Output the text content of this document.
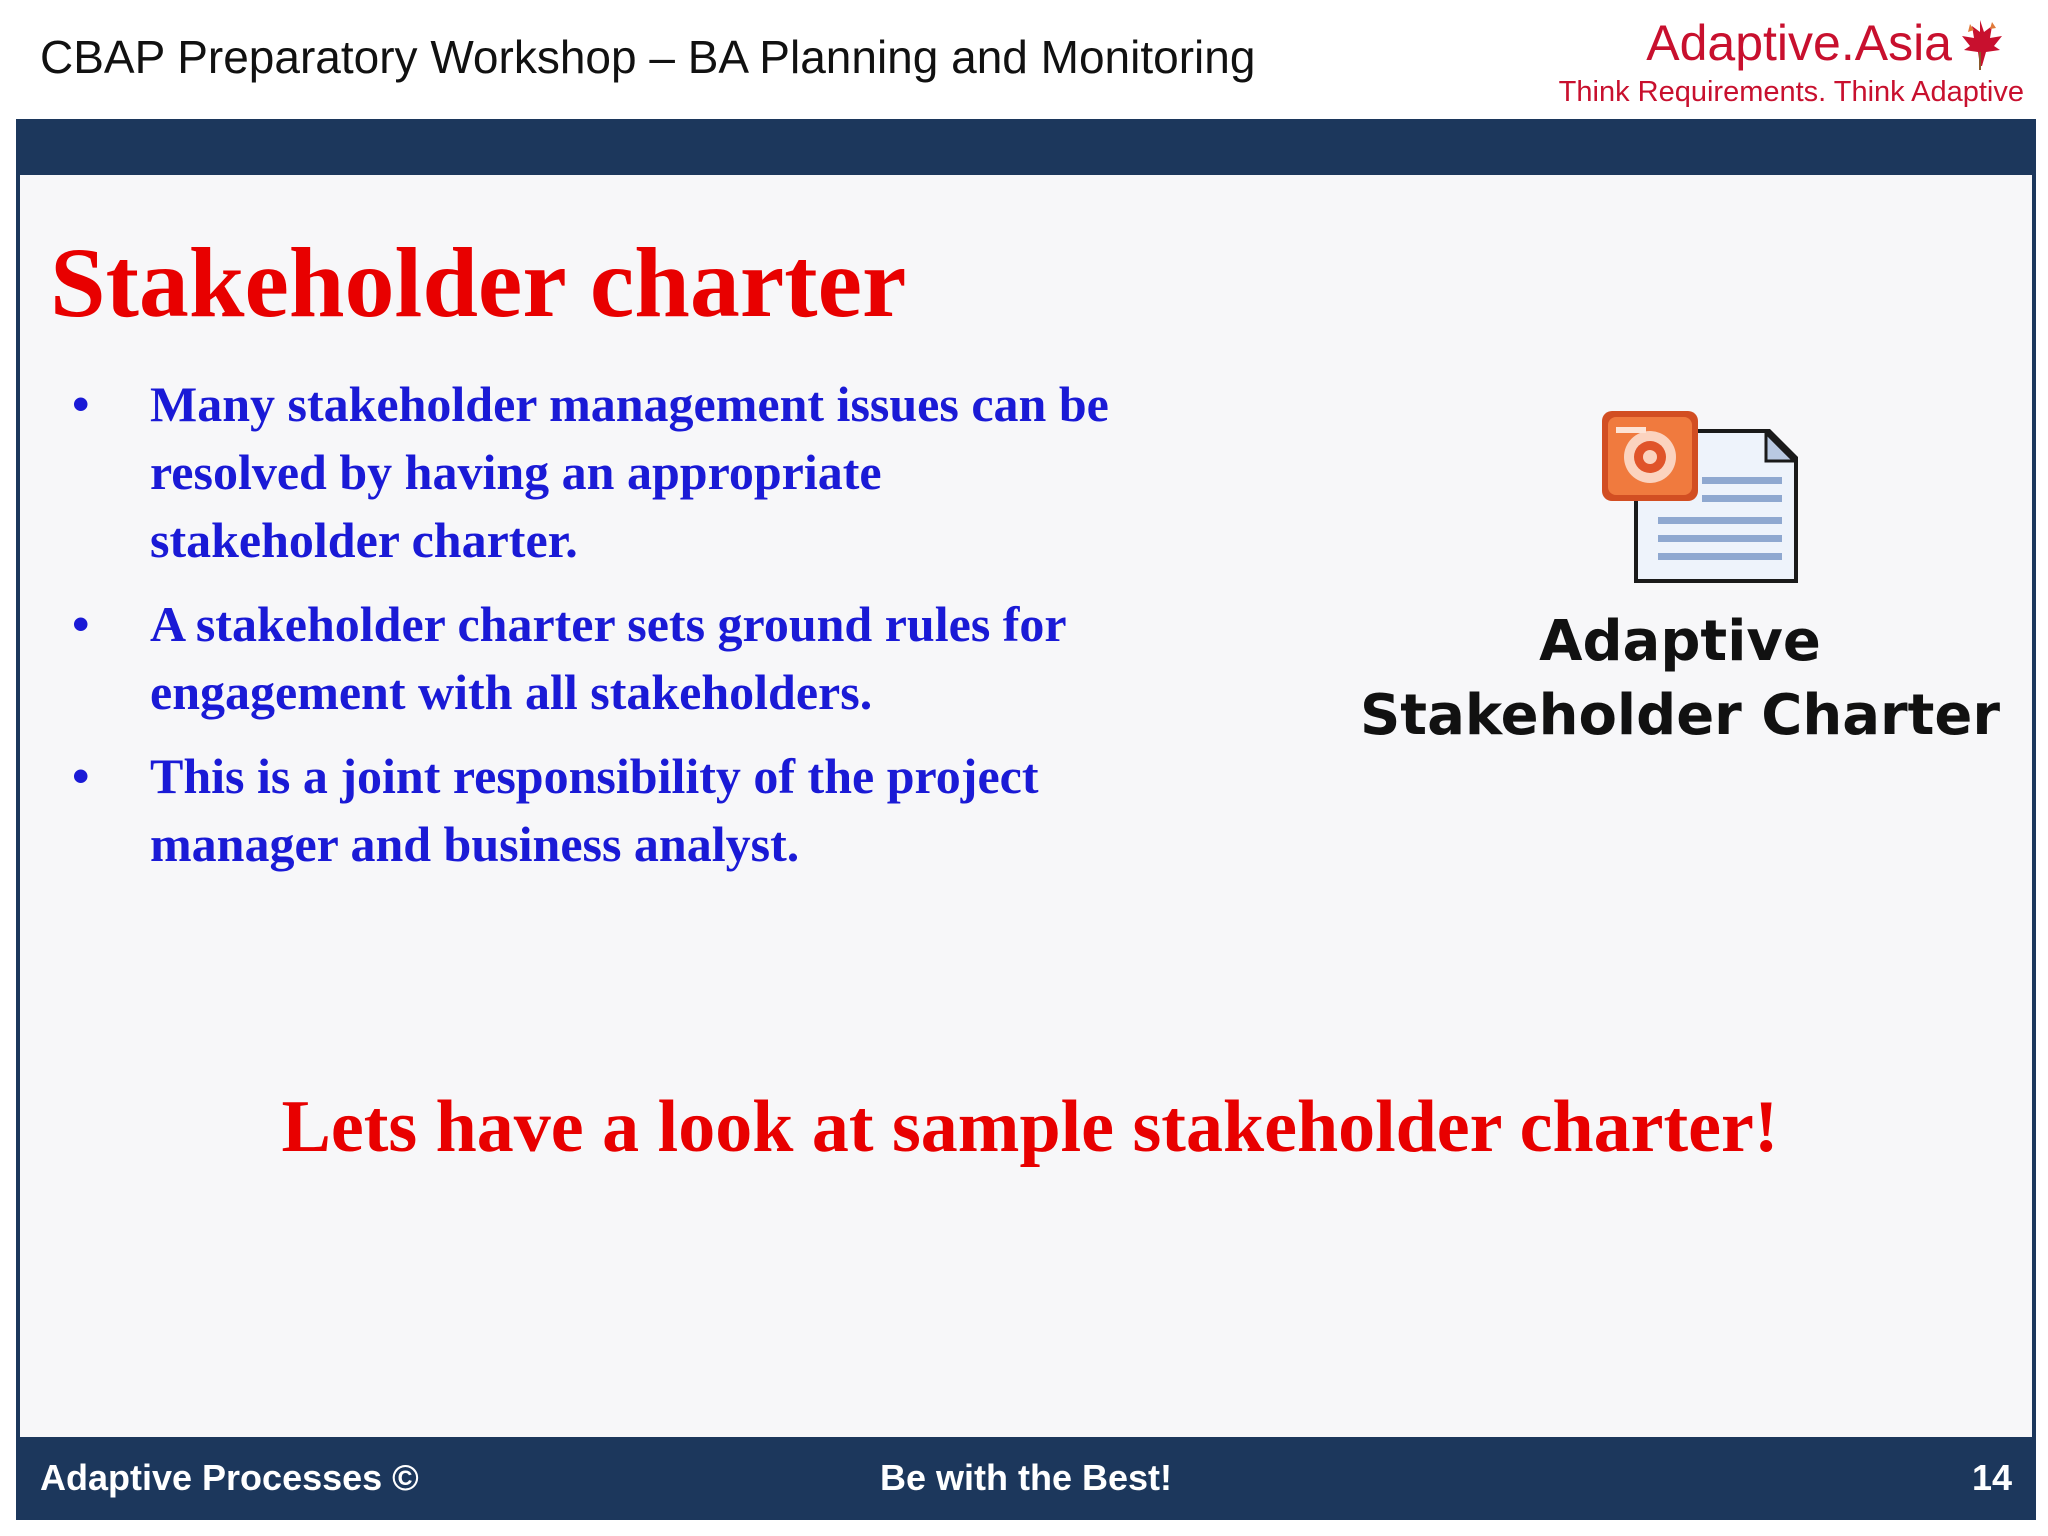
CBAP Preparatory Workshop – BA Planning and Monitoring	Adaptive.Asia
Think Requirements. Think Adaptive
Stakeholder charter
• Many stakeholder management issues can be resolved by having an appropriate stakeholder charter.
• A stakeholder charter sets ground rules for engagement with all stakeholders.
• This is a joint responsibility of the project manager and business analyst.
Adaptive
Stakeholder Charter
Lets have a look at sample stakeholder charter!
Be with the Best!
Adaptive Processes ©	14
